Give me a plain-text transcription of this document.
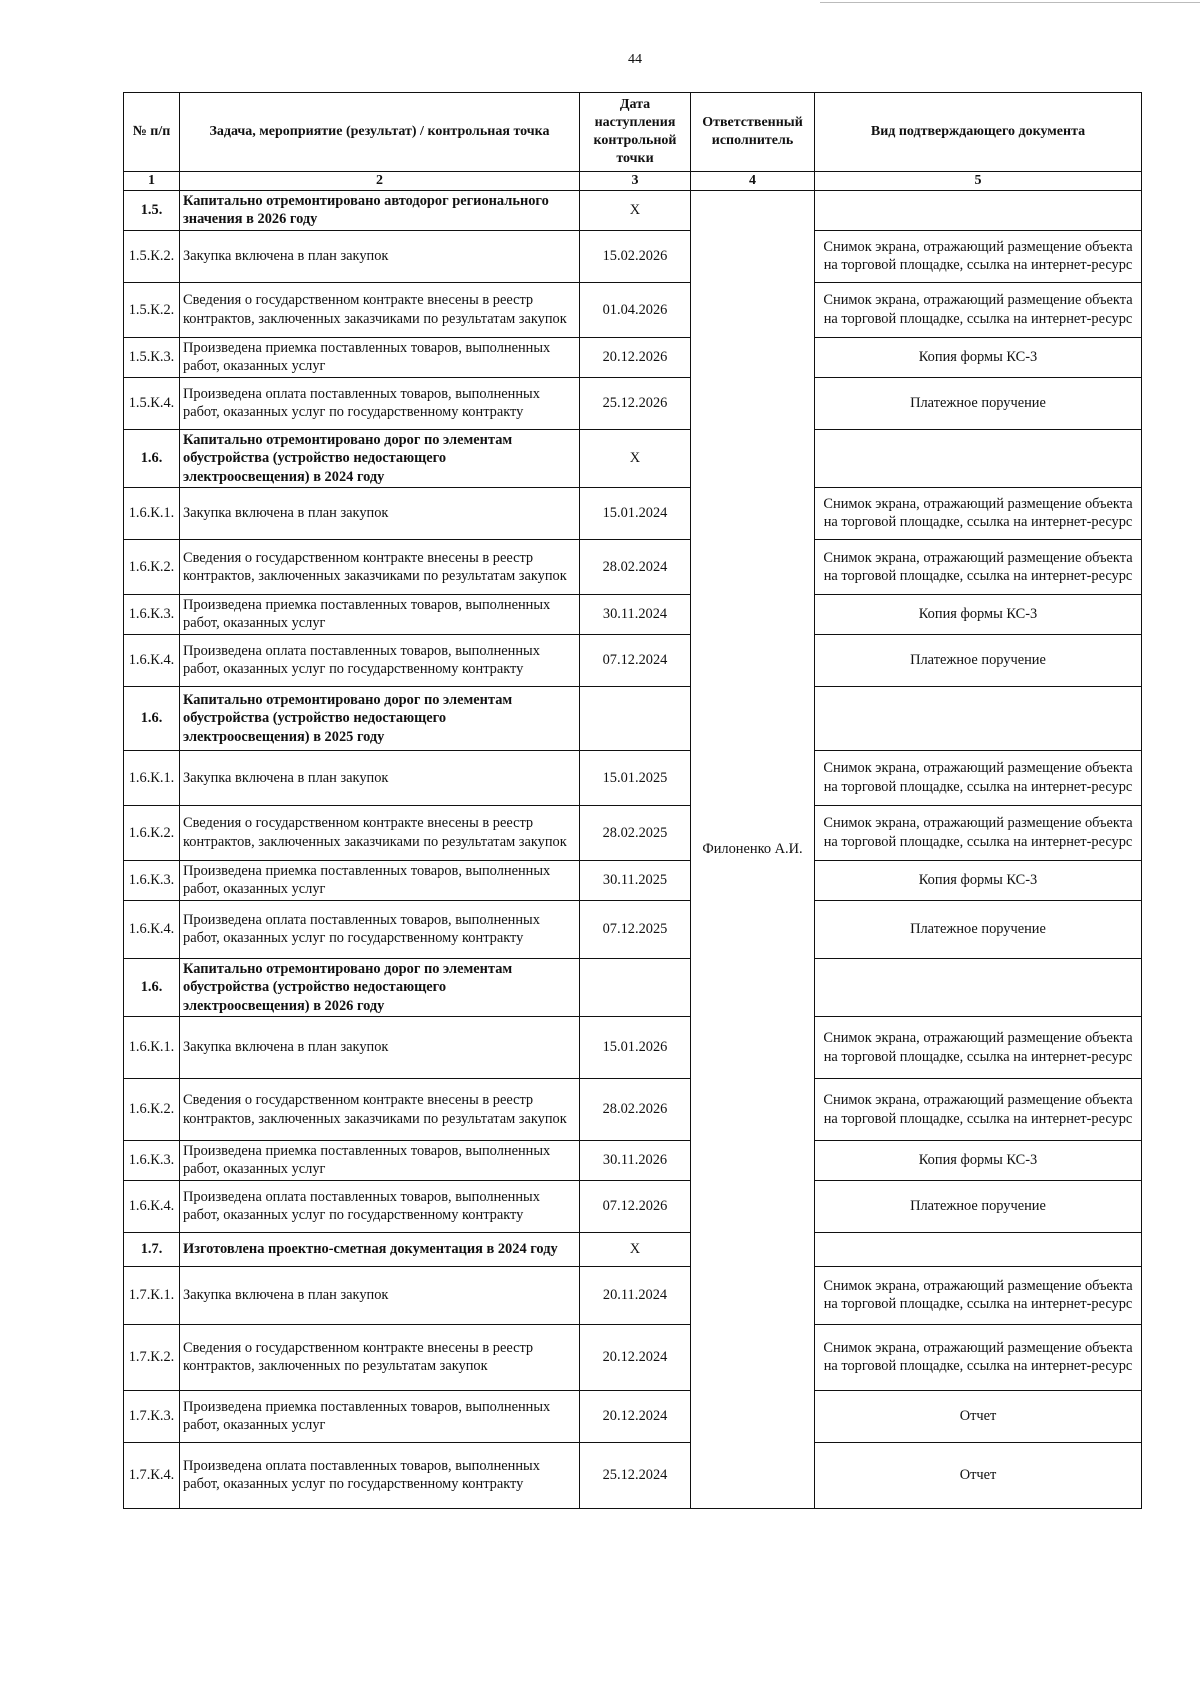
44
№ п/п	Задача, мероприятие (результат) / контрольная точка	Дата наступления контрольной точки	Ответственный исполнитель	Вид подтверждающего документа
1	2	3	4	5
1.5.	Капитально отремонтировано автодорог регионального значения в 2026 году	Х	Филоненко А.И.	
1.5.К.2.	Закупка включена в план закупок	15.02.2026		Снимок экрана, отражающий размещение объекта на торговой площадке, ссылка на интернет-ресурс
1.5.К.2.	Сведения о государственном контракте внесены в реестр контрактов, заключенных заказчиками по результатам закупок	01.04.2026		Снимок экрана, отражающий размещение объекта на торговой площадке, ссылка на интернет-ресурс
1.5.К.3.	Произведена приемка поставленных товаров, выполненных работ, оказанных услуг	20.12.2026		Копия формы КС-3
1.5.К.4.	Произведена оплата поставленных товаров, выполненных работ, оказанных услуг по государственному контракту	25.12.2026		Платежное поручение
1.6.	Капитально отремонтировано дорог по элементам обустройства (устройство недостающего электроосвещения) в 2024 году	Х		
1.6.К.1.	Закупка включена в план закупок	15.01.2024		Снимок экрана, отражающий размещение объекта на торговой площадке, ссылка на интернет-ресурс
1.6.К.2.	Сведения о государственном контракте внесены в реестр контрактов, заключенных заказчиками по результатам закупок	28.02.2024		Снимок экрана, отражающий размещение объекта на торговой площадке, ссылка на интернет-ресурс
1.6.К.3.	Произведена приемка поставленных товаров, выполненных работ, оказанных услуг	30.11.2024		Копия формы КС-3
1.6.К.4.	Произведена оплата поставленных товаров, выполненных работ, оказанных услуг по государственному контракту	07.12.2024		Платежное поручение
1.6.	Капитально отремонтировано дорог по элементам обустройства (устройство недостающего электроосвещения) в 2025 году			
1.6.К.1.	Закупка включена в план закупок	15.01.2025		Снимок экрана, отражающий размещение объекта на торговой площадке, ссылка на интернет-ресурс
1.6.К.2.	Сведения о государственном контракте внесены в реестр контрактов, заключенных заказчиками по результатам закупок	28.02.2025		Снимок экрана, отражающий размещение объекта на торговой площадке, ссылка на интернет-ресурс
1.6.К.3.	Произведена приемка поставленных товаров, выполненных работ, оказанных услуг	30.11.2025		Копия формы КС-3
1.6.К.4.	Произведена оплата поставленных товаров, выполненных работ, оказанных услуг по государственному контракту	07.12.2025		Платежное поручение
1.6.	Капитально отремонтировано дорог по элементам обустройства (устройство недостающего электроосвещения) в 2026 году			
1.6.К.1.	Закупка включена в план закупок	15.01.2026		Снимок экрана, отражающий размещение объекта на торговой площадке, ссылка на интернет-ресурс
1.6.К.2.	Сведения о государственном контракте внесены в реестр контрактов, заключенных заказчиками по результатам закупок	28.02.2026		Снимок экрана, отражающий размещение объекта на торговой площадке, ссылка на интернет-ресурс
1.6.К.3.	Произведена приемка поставленных товаров, выполненных работ, оказанных услуг	30.11.2026		Копия формы КС-3
1.6.К.4.	Произведена оплата поставленных товаров, выполненных работ, оказанных услуг по государственному контракту	07.12.2026		Платежное поручение
1.7.	Изготовлена проектно-сметная документация в 2024 году	Х		
1.7.К.1.	Закупка включена в план закупок	20.11.2024		Снимок экрана, отражающий размещение объекта на торговой площадке, ссылка на интернет-ресурс
1.7.К.2.	Сведения о государственном контракте внесены в реестр контрактов, заключенных по результатам закупок	20.12.2024		Снимок экрана, отражающий размещение объекта на торговой площадке, ссылка на интернет-ресурс
1.7.К.3.	Произведена приемка поставленных товаров, выполненных работ, оказанных услуг	20.12.2024		Отчет
1.7.К.4.	Произведена оплата поставленных товаров, выполненных работ, оказанных услуг по государственному контракту	25.12.2024		Отчет
